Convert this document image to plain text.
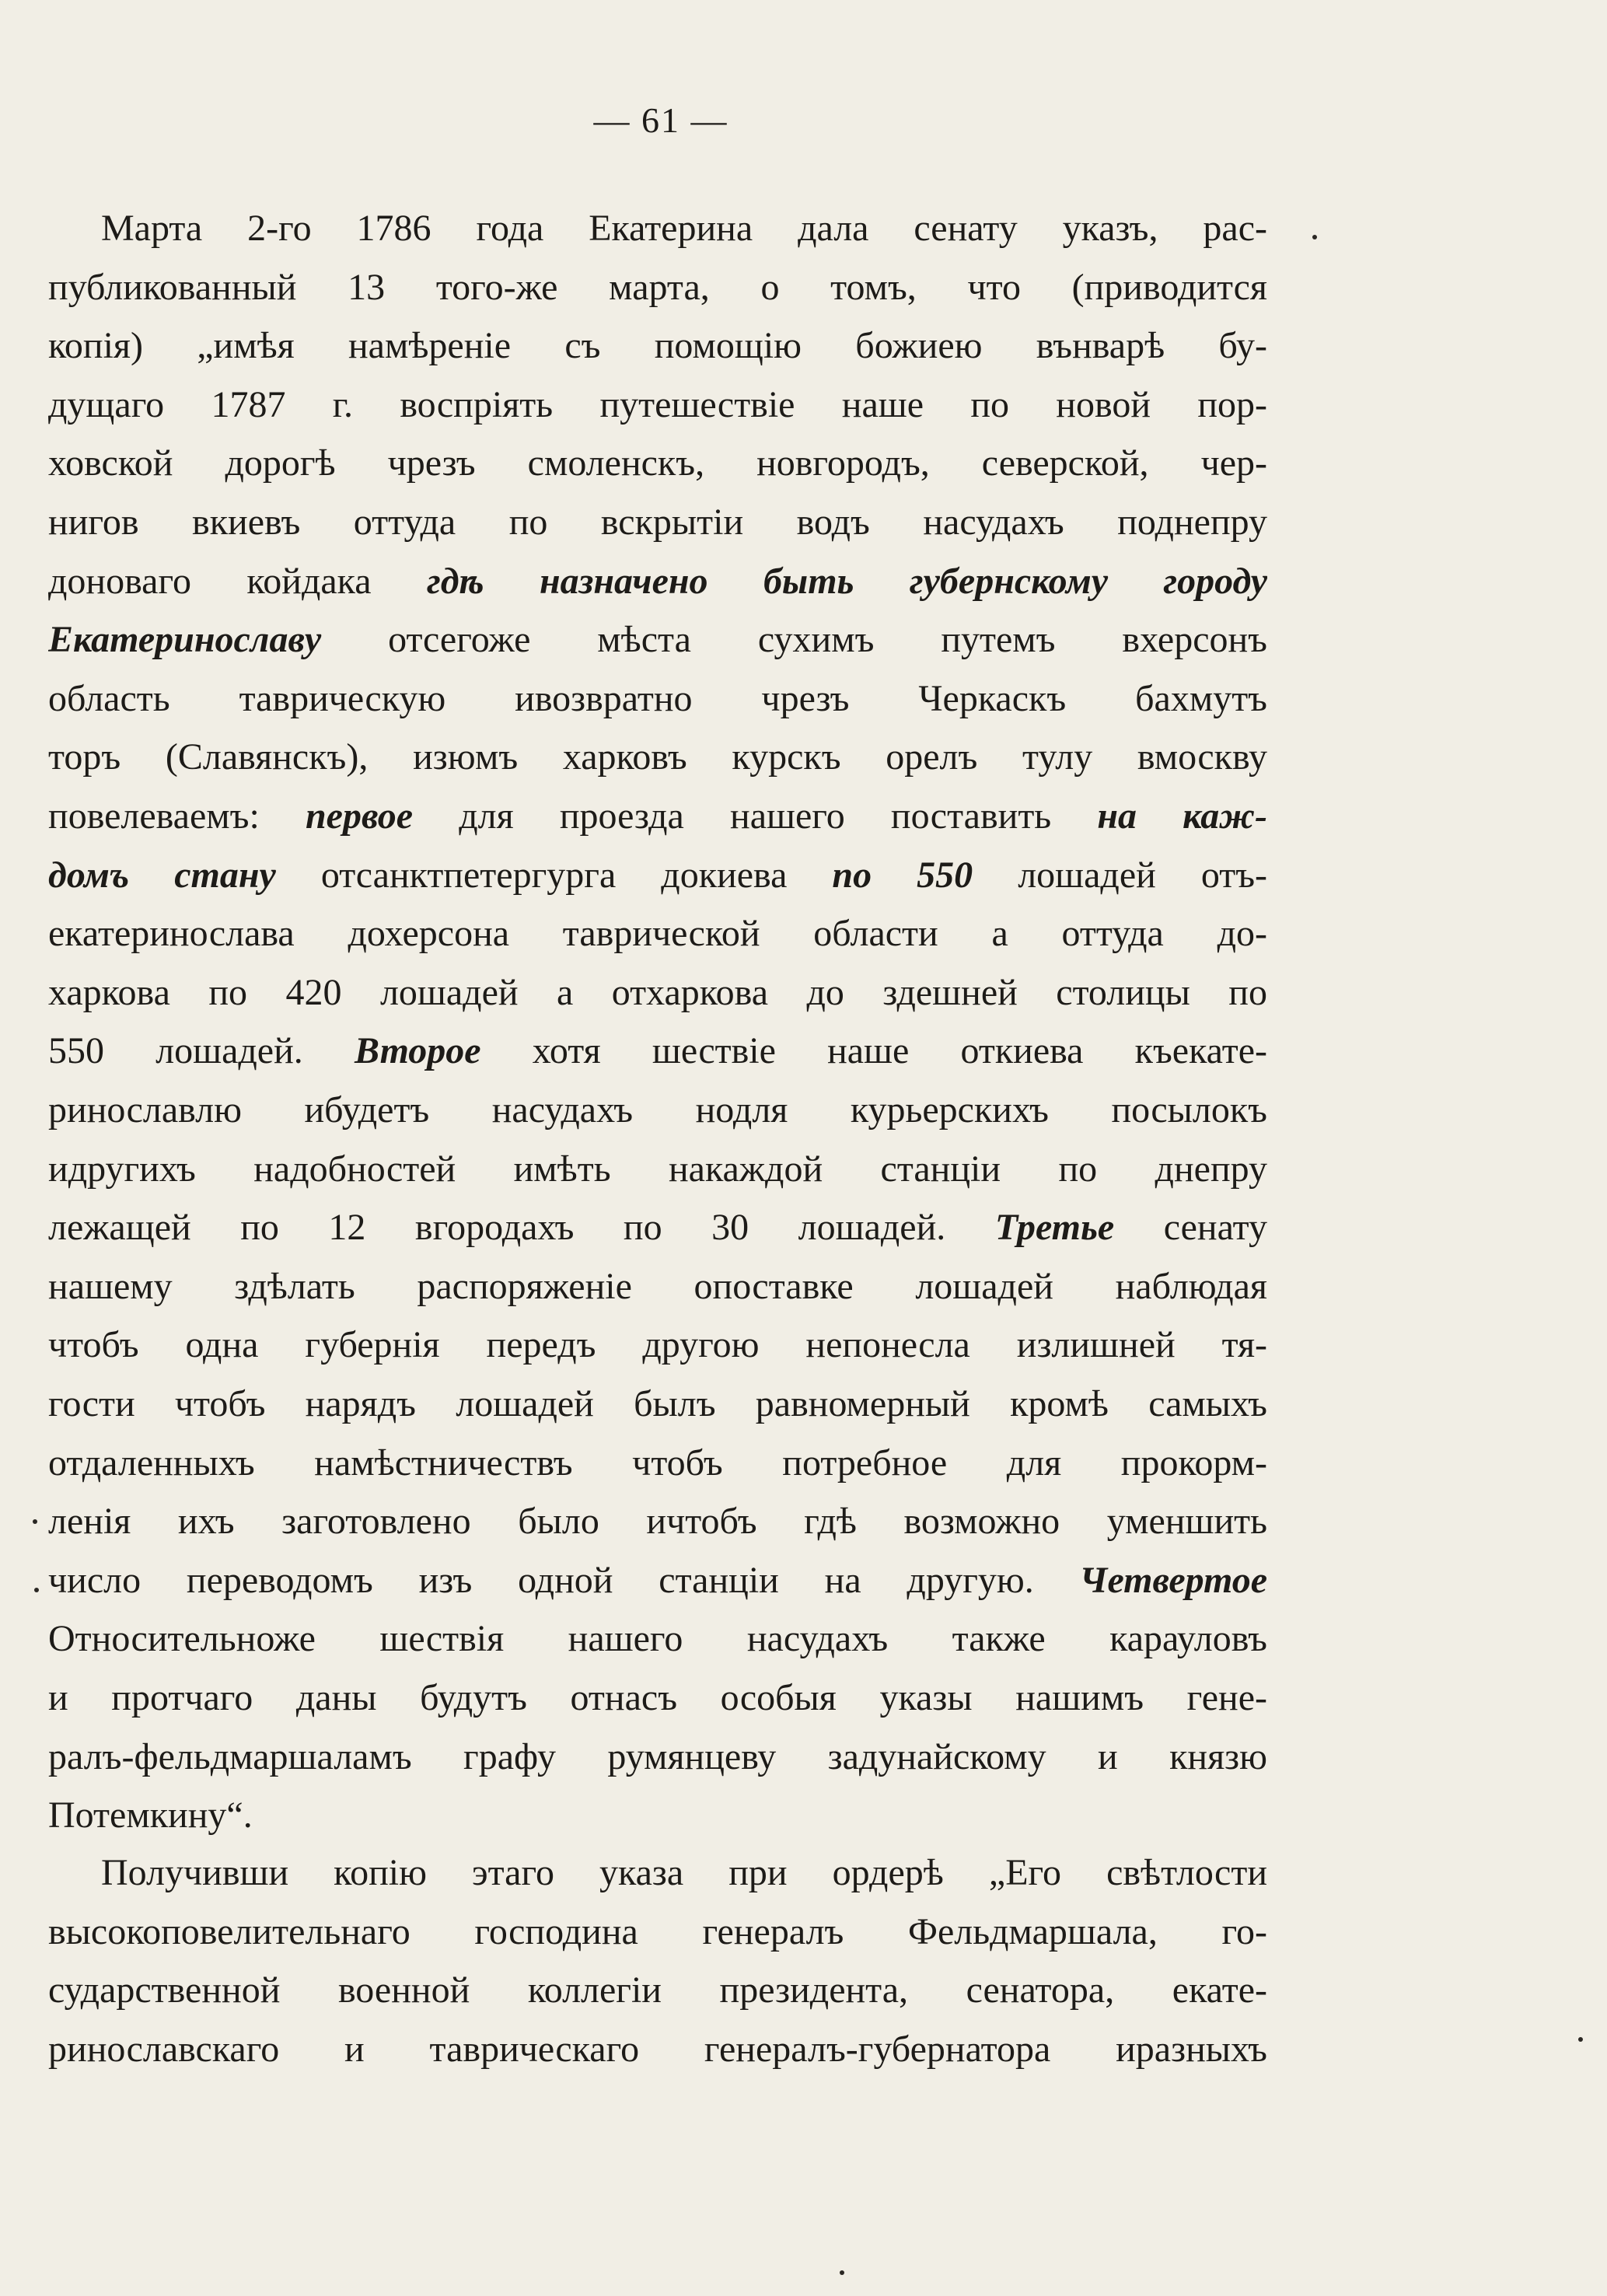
— 61 —
Марта 2-го 1786 года Екатерина дала сенату указъ, рас-
публикованный 13 того-же марта, о томъ, что (приводится
копія) „имѣя намѣреніе съ помощію божиею вънварѣ бу-
дущаго 1787 г. воспріять путешествіе наше по новой пор-
ховской дорогѣ чрезъ смоленскъ, новгородъ, северской, чер-
нигов вкиевъ оттуда по вскрытіи водъ насудахъ поднепру
доноваго койдака гдѣ назначено быть губернскому городу
Екатеринославу отсегоже мѣста сухимъ путемъ вхерсонъ
область таврическую ивозвратно чрезъ Черкаскъ бахмутъ
торъ (Славянскъ), изюмъ харковъ курскъ орелъ тулу вмоскву
повелеваемъ: первое для проезда нашего поставить на каж-
домъ стану отсанктпетергурга докиева по 550 лошадей отъ-
екатеринослава дохерсона таврической области а оттуда до-
харкова по 420 лошадей а отхаркова до здешней столицы по
550 лошадей. Второе хотя шествіе наше откиева къекате-
ринославлю ибудетъ насудахъ нодля курьерскихъ посылокъ
идругихъ надобностей имѣть накаждой станціи по днепру
лежащей по 12 вгородахъ по 30 лошадей. Третье сенату
нашему здѣлать распоряженіе опоставке лошадей наблюдая
чтобъ одна губернія передъ другою непонесла излишней тя-
гости чтобъ нарядъ лошадей былъ равномерный кромѣ самыхъ
отдаленныхъ намѣстничествъ чтобъ потребное для прокорм-
ленія ихъ заготовлено было ичтобъ гдѣ возможно уменшить
число переводомъ изъ одной станціи на другую. Четвертое
Относительноже шествія нашего насудахъ также карауловъ
и протчаго даны будутъ отнасъ особыя указы нашимъ гене-
ралъ-фельдмаршаламъ графу румянцеву задунайскому и князю
Потемкину“.
Получивши копію этаго указа при ордерѣ „Его свѣтлости
высокоповелительнаго господина генералъ Фельдмаршала, го-
сударственной военной коллегіи президента, сенатора, екате-
ринославскаго и таврическаго генералъ-губернатора иразныхъ
